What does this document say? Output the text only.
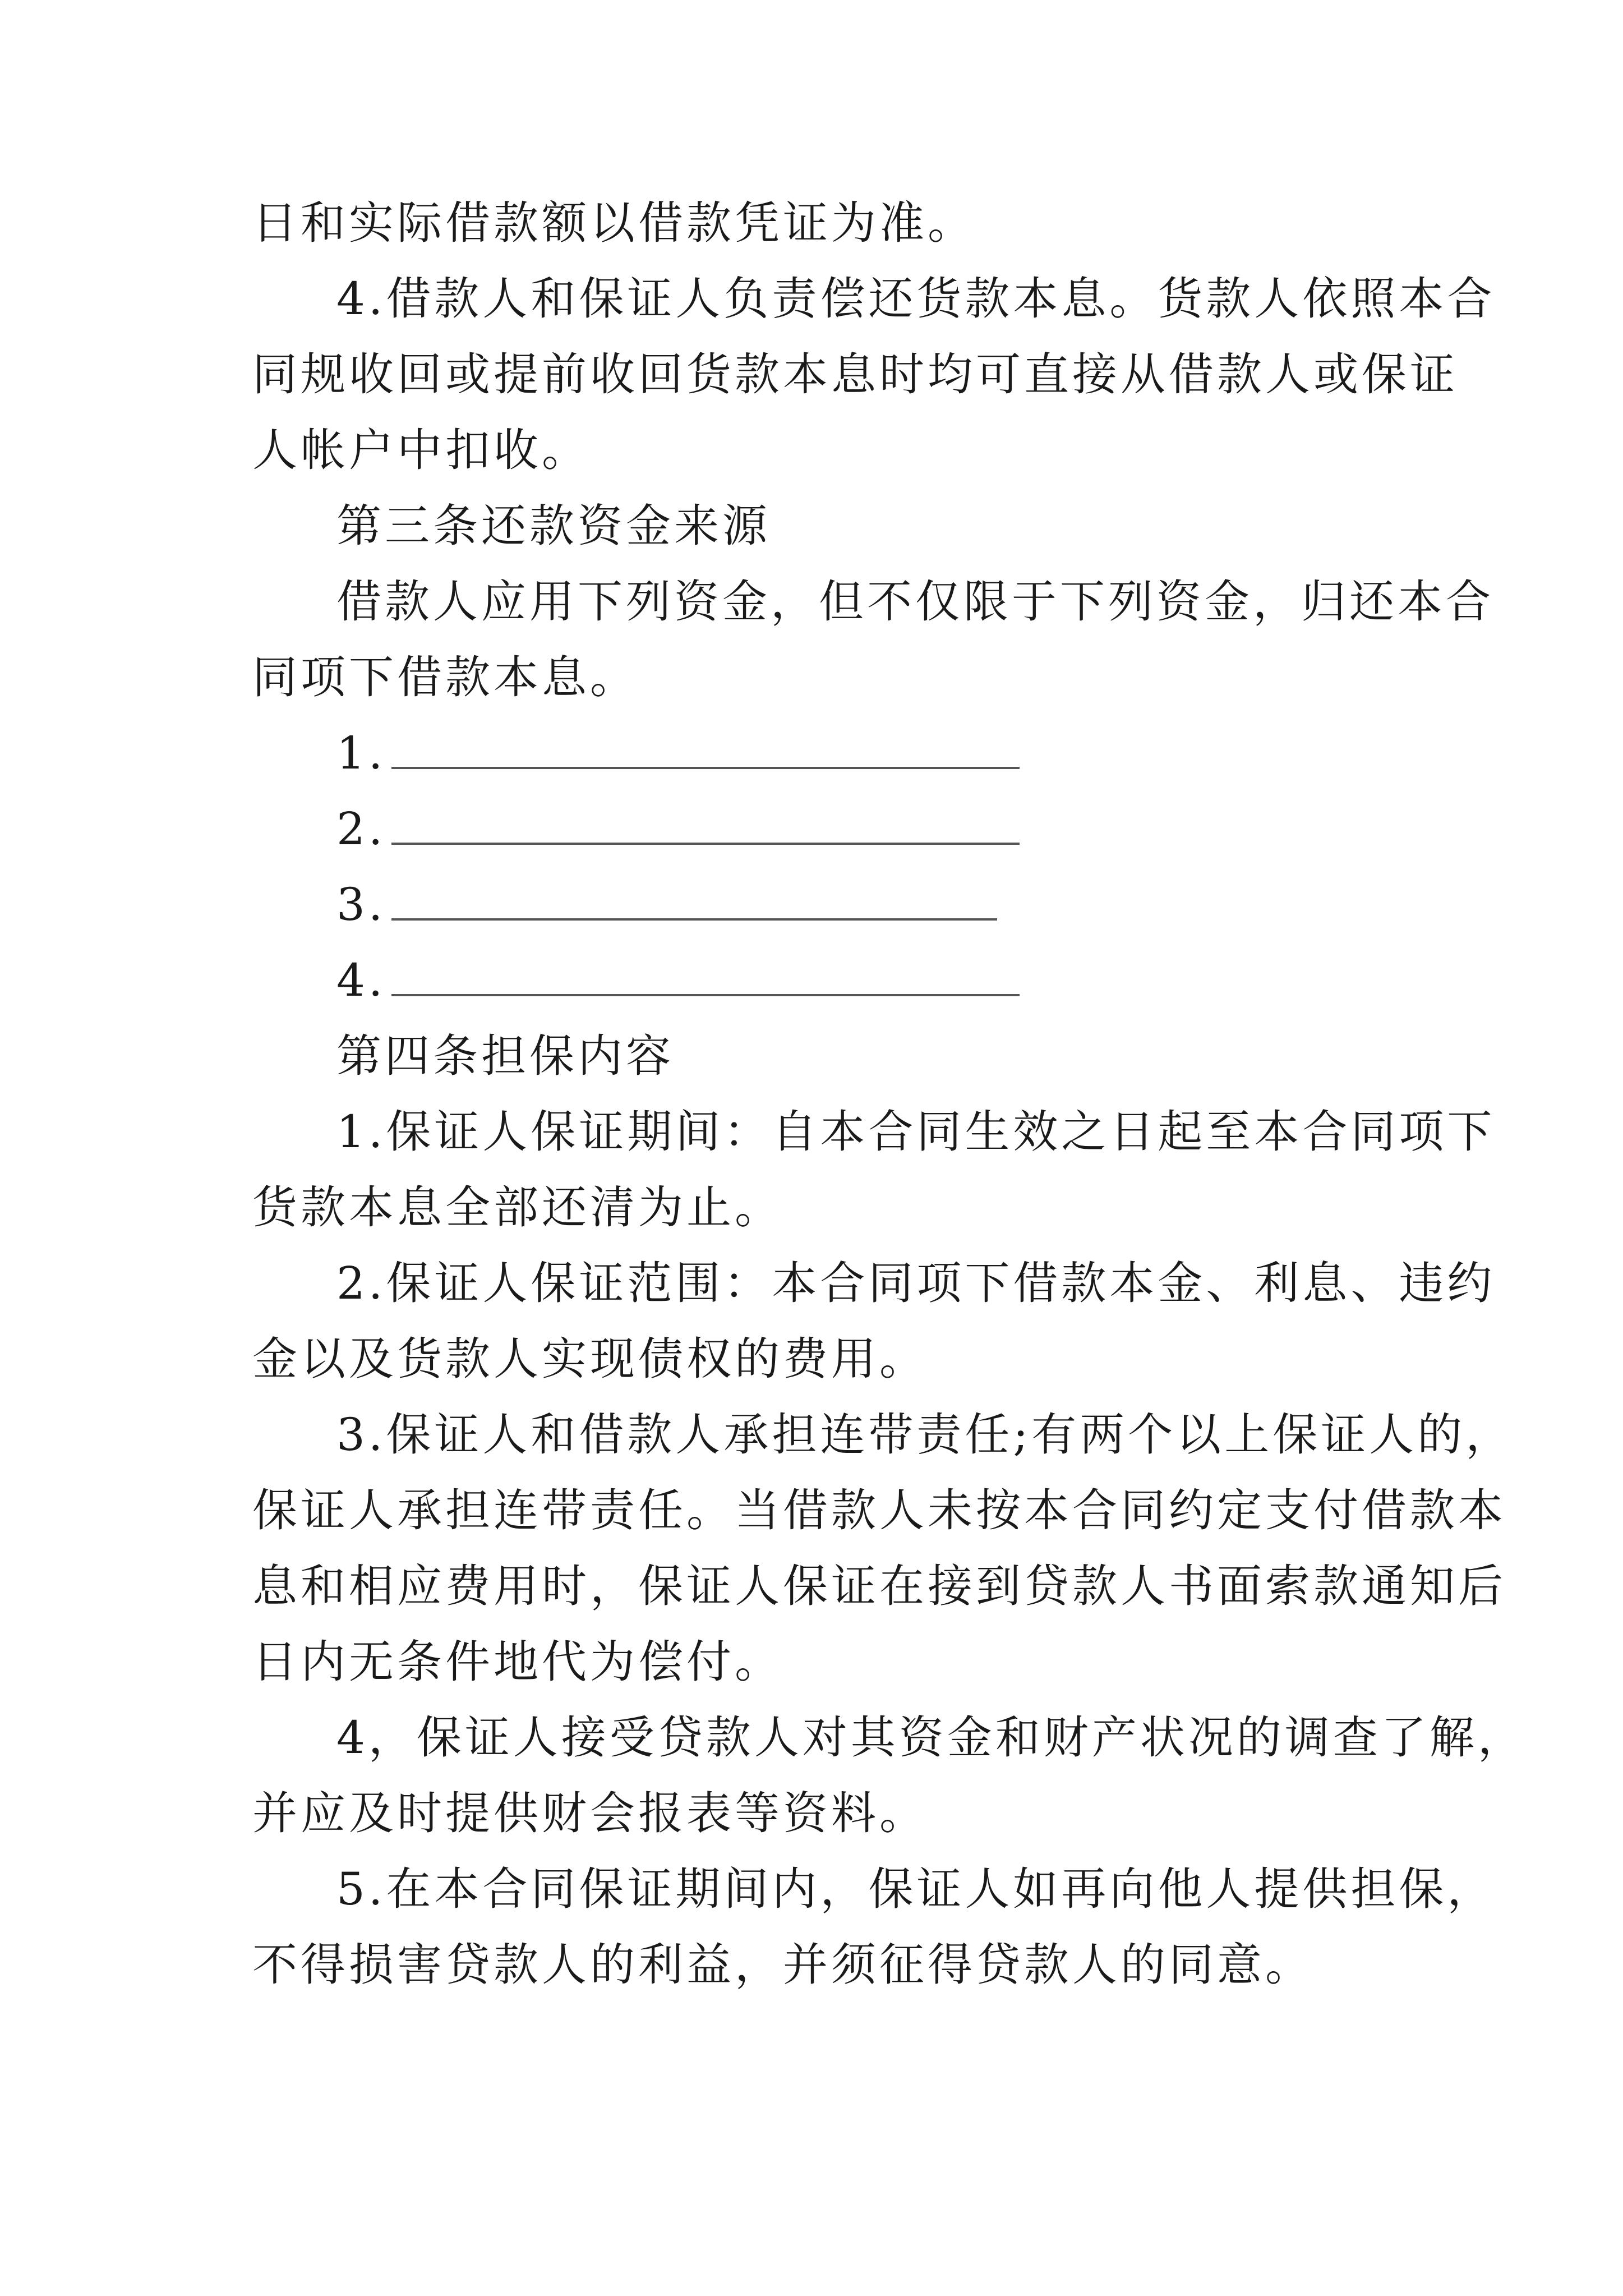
日和实际借款额以借款凭证为准。
4.借款人和保证人负责偿还货款本息。货款人依照本合
同规收回或提前收回货款本息时均可直接从借款人或保证
人帐户中扣收。
第三条还款资金来源
借款人应用下列资金，但不仅限于下列资金，归还本合
同项下借款本息。
1.
2.
3.
4.
第四条担保内容
1.保证人保证期间：自本合同生效之日起至本合同项下
货款本息全部还清为止。
2.保证人保证范围：本合同项下借款本金、利息、违约
金以及货款人实现债权的费用。
3.保证人和借款人承担连带责任;有两个以上保证人的，
保证人承担连带责任。当借款人未按本合同约定支付借款本
息和相应费用时，保证人保证在接到贷款人书面索款通知后
日内无条件地代为偿付。
4，保证人接受贷款人对其资金和财产状况的调查了解，
并应及时提供财会报表等资料。
5.在本合同保证期间内，保证人如再向他人提供担保，
不得损害贷款人的利益，并须征得贷款人的同意。
